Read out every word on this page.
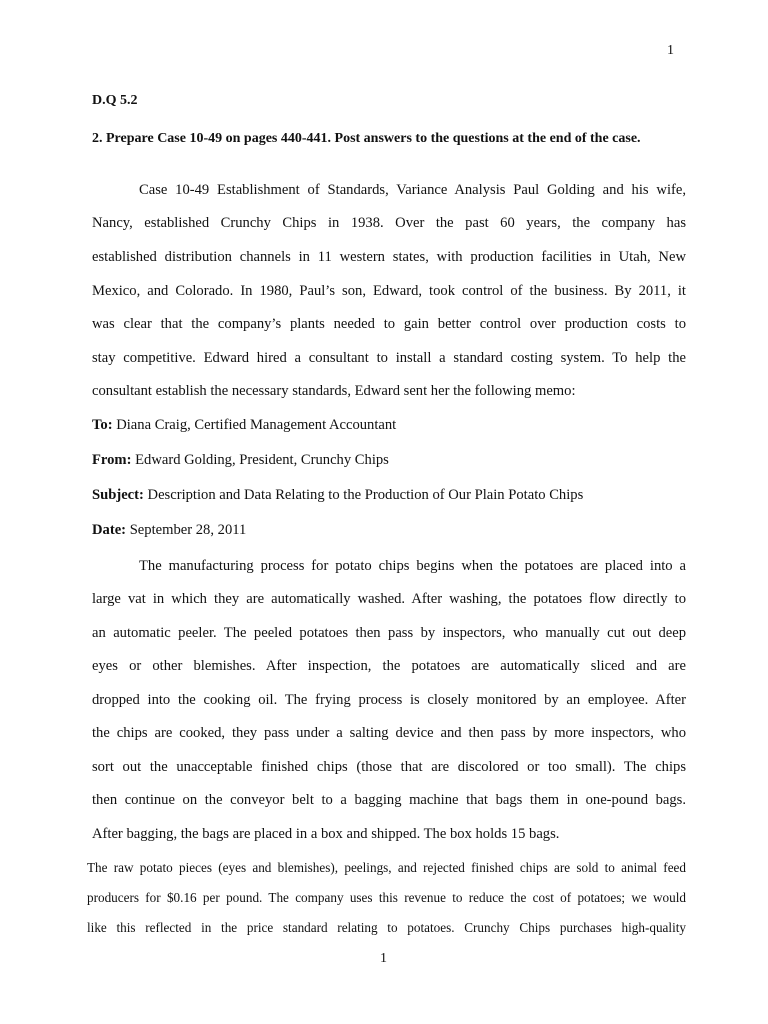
1
D.Q 5.2
2. Prepare Case 10-49 on pages 440-441. Post answers to the questions at the end of the case.
Case 10-49 Establishment of Standards, Variance Analysis Paul Golding and his wife,
Nancy, established Crunchy Chips in 1938. Over the past 60 years, the company has
established distribution channels in 11 western states, with production facilities in Utah, New
Mexico, and Colorado. In 1980, Paul’s son, Edward, took control of the business. By 2011, it
was clear that the company’s plants needed to gain better control over production costs to
stay competitive. Edward hired a consultant to install a standard costing system. To help the
consultant establish the necessary standards, Edward sent her the following memo:
To: Diana Craig, Certified Management Accountant
From: Edward Golding, President, Crunchy Chips
Subject: Description and Data Relating to the Production of Our Plain Potato Chips
Date: September 28, 2011
The manufacturing process for potato chips begins when the potatoes are placed into a
large vat in which they are automatically washed. After washing, the potatoes flow directly to
an automatic peeler. The peeled potatoes then pass by inspectors, who manually cut out deep
eyes or other blemishes. After inspection, the potatoes are automatically sliced and are
dropped into the cooking oil. The frying process is closely monitored by an employee. After
the chips are cooked, they pass under a salting device and then pass by more inspectors, who
sort out the unacceptable finished chips (those that are discolored or too small). The chips
then continue on the conveyor belt to a bagging machine that bags them in one-pound bags.
After bagging, the bags are placed in a box and shipped. The box holds 15 bags.
The raw potato pieces (eyes and blemishes), peelings, and rejected finished chips are sold to animal feed
producers for $0.16 per pound. The company uses this revenue to reduce the cost of potatoes; we would
like this reflected in the price standard relating to potatoes. Crunchy Chips purchases high-quality
1
